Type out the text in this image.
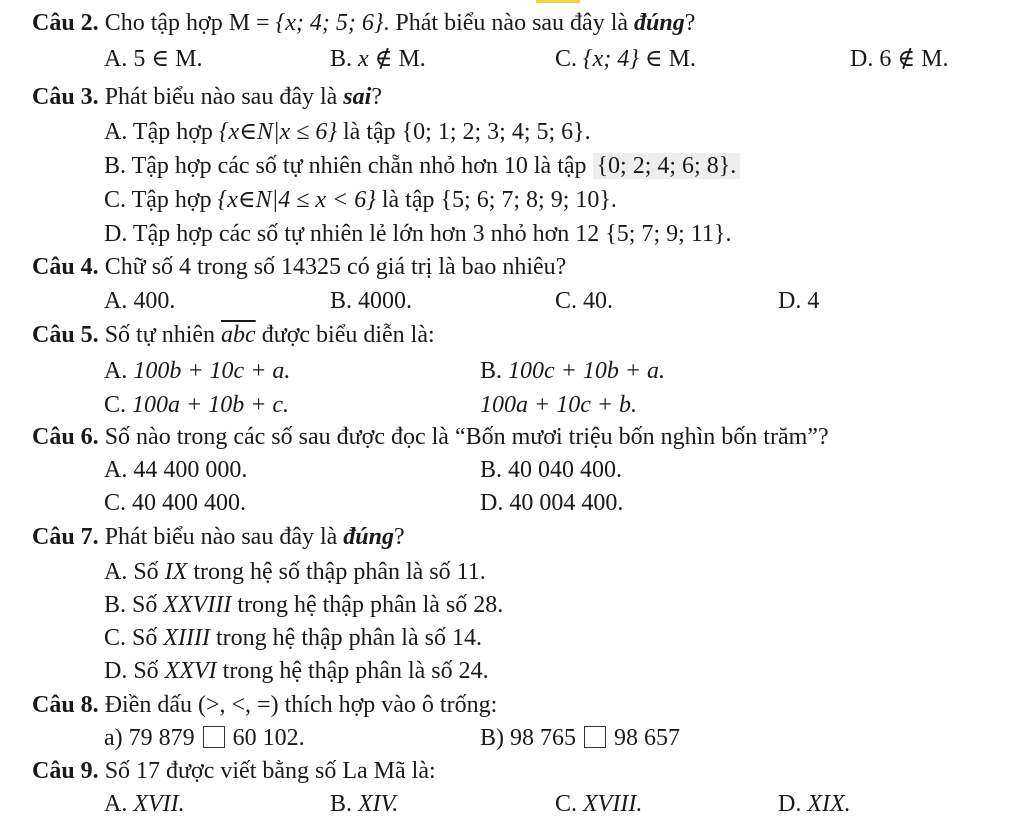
Câu 2. Cho tập hợp M = {x; 4; 5; 6}. Phát biểu nào sau đây là đúng?
A. 5 ∈ M.	B. x ∉ M.	C. {x; 4} ∈ M.	D. 6 ∉ M.
Câu 3. Phát biểu nào sau đây là sai?
A. Tập hợp {x∈N|x ≤ 6} là tập {0; 1; 2; 3; 4; 5; 6}.
B. Tập hợp các số tự nhiên chẵn nhỏ hơn 10 là tập {0; 2; 4; 6; 8}.
C. Tập hợp {x∈N|4 ≤ x < 6} là tập {5; 6; 7; 8; 9; 10}.
D. Tập hợp các số tự nhiên lẻ lớn hơn 3 nhỏ hơn 12 {5; 7; 9; 11}.
Câu 4. Chữ số 4 trong số 14325 có giá trị là bao nhiêu?
A. 400.	B. 4000.	C. 40.	D. 4
Câu 5. Số tự nhiên $\overline{abc}$ được biểu diễn là:
A. 100b + 10c + a.	B. 100c + 10b + a.
C. 100a + 10b + c.	100a + 10c + b.
Câu 6. Số nào trong các số sau được đọc là “Bốn mươi triệu bốn nghìn bốn trăm”?
A. 44 400 000.	B. 40 040 400.
C. 40 400 400.	D. 40 004 400.
Câu 7. Phát biểu nào sau đây là đúng?
A. Số IX trong hệ số thập phân là số 11.
B. Số XXVIII trong hệ thập phân là số 28.
C. Số XIIII trong hệ thập phân là số 14.
D. Số XXVI trong hệ thập phân là số 24.
Câu 8. Điền dấu (>, <, =) thích hợp vào ô trống:
a) 79 879 60 102.	B) 98 765 98 657
Câu 9. Số 17 được viết bằng số La Mã là:
A. XVII.	B. XIV.	C. XVIII.	D. XIX.
